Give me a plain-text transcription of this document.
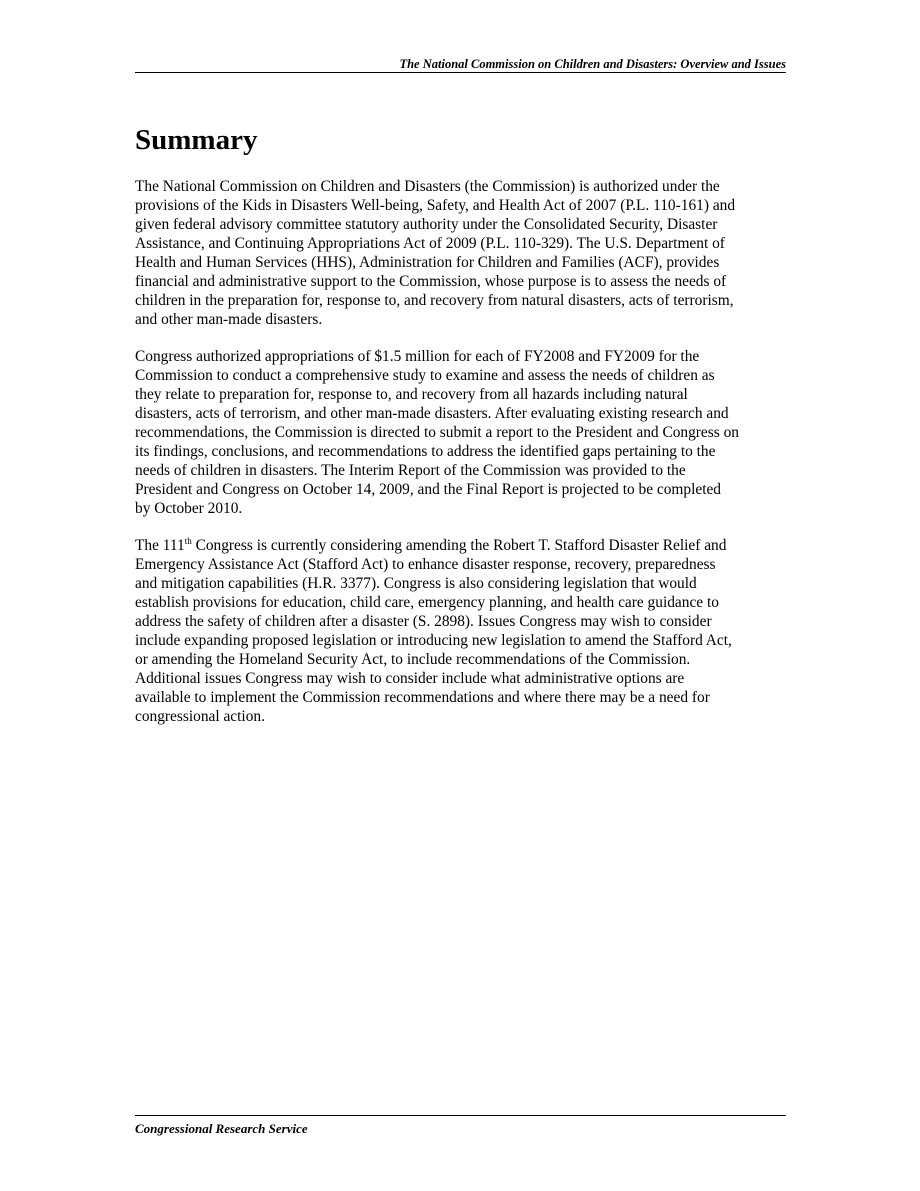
The National Commission on Children and Disasters: Overview and Issues
Summary
The National Commission on Children and Disasters (the Commission) is authorized under the
provisions of the Kids in Disasters Well-being, Safety, and Health Act of 2007 (P.L. 110-161) and
given federal advisory committee statutory authority under the Consolidated Security, Disaster
Assistance, and Continuing Appropriations Act of 2009 (P.L. 110-329). The U.S. Department of
Health and Human Services (HHS), Administration for Children and Families (ACF), provides
financial and administrative support to the Commission, whose purpose is to assess the needs of
children in the preparation for, response to, and recovery from natural disasters, acts of terrorism,
and other man-made disasters.
Congress authorized appropriations of $1.5 million for each of FY2008 and FY2009 for the
Commission to conduct a comprehensive study to examine and assess the needs of children as
they relate to preparation for, response to, and recovery from all hazards including natural
disasters, acts of terrorism, and other man-made disasters. After evaluating existing research and
recommendations, the Commission is directed to submit a report to the President and Congress on
its findings, conclusions, and recommendations to address the identified gaps pertaining to the
needs of children in disasters. The Interim Report of the Commission was provided to the
President and Congress on October 14, 2009, and the Final Report is projected to be completed
by October 2010.
The 111th Congress is currently considering amending the Robert T. Stafford Disaster Relief and
Emergency Assistance Act (Stafford Act) to enhance disaster response, recovery, preparedness
and mitigation capabilities (H.R. 3377). Congress is also considering legislation that would
establish provisions for education, child care, emergency planning, and health care guidance to
address the safety of children after a disaster (S. 2898). Issues Congress may wish to consider
include expanding proposed legislation or introducing new legislation to amend the Stafford Act,
or amending the Homeland Security Act, to include recommendations of the Commission.
Additional issues Congress may wish to consider include what administrative options are
available to implement the Commission recommendations and where there may be a need for
congressional action.
Congressional Research Service
